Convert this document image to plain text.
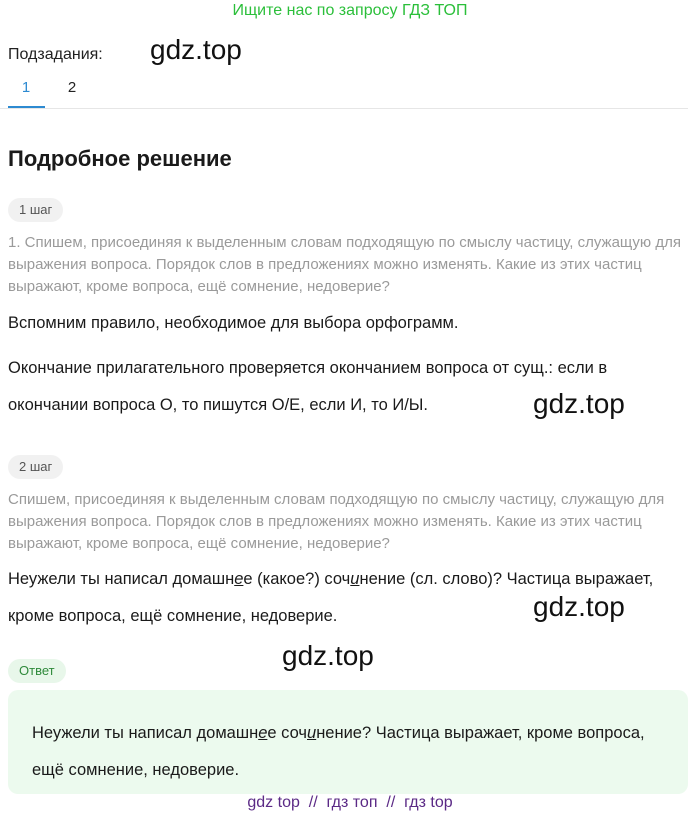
Ищите нас по запросу ГДЗ ТОП
Подзадания: gdz.top
1	2
Подробное решение
1 шаг
1. Спишем, присоединяя к выделенным словам подходящую по смыслу частицу, служащую для выражения вопроса. Порядок слов в предложениях можно изменять. Какие из этих частиц выражают, кроме вопроса, ещё сомнение, недоверие?
Вспомним правило, необходимое для выбора орфограмм.
Окончание прилагательного проверяется окончанием вопроса от сущ.: если в окончании вопроса О, то пишутся О/Е, если И, то И/Ы.	gdz.top
2 шаг
Спишем, присоединяя к выделенным словам подходящую по смыслу частицу, служащую для выражения вопроса. Порядок слов в предложениях можно изменять. Какие из этих частиц выражают, кроме вопроса, ещё сомнение, недоверие?
Неужели ты написал домашнее (какое?) сочинение (сл. слово)? Частица выражает, кроме вопроса, ещё сомнение, недоверие.	gdz.top
gdz.top
Ответ
Неужели ты написал домашнее сочинение? Частица выражает, кроме вопроса, ещё сомнение, недоверие.
gdz top  //  гдз топ  //  гдз top
